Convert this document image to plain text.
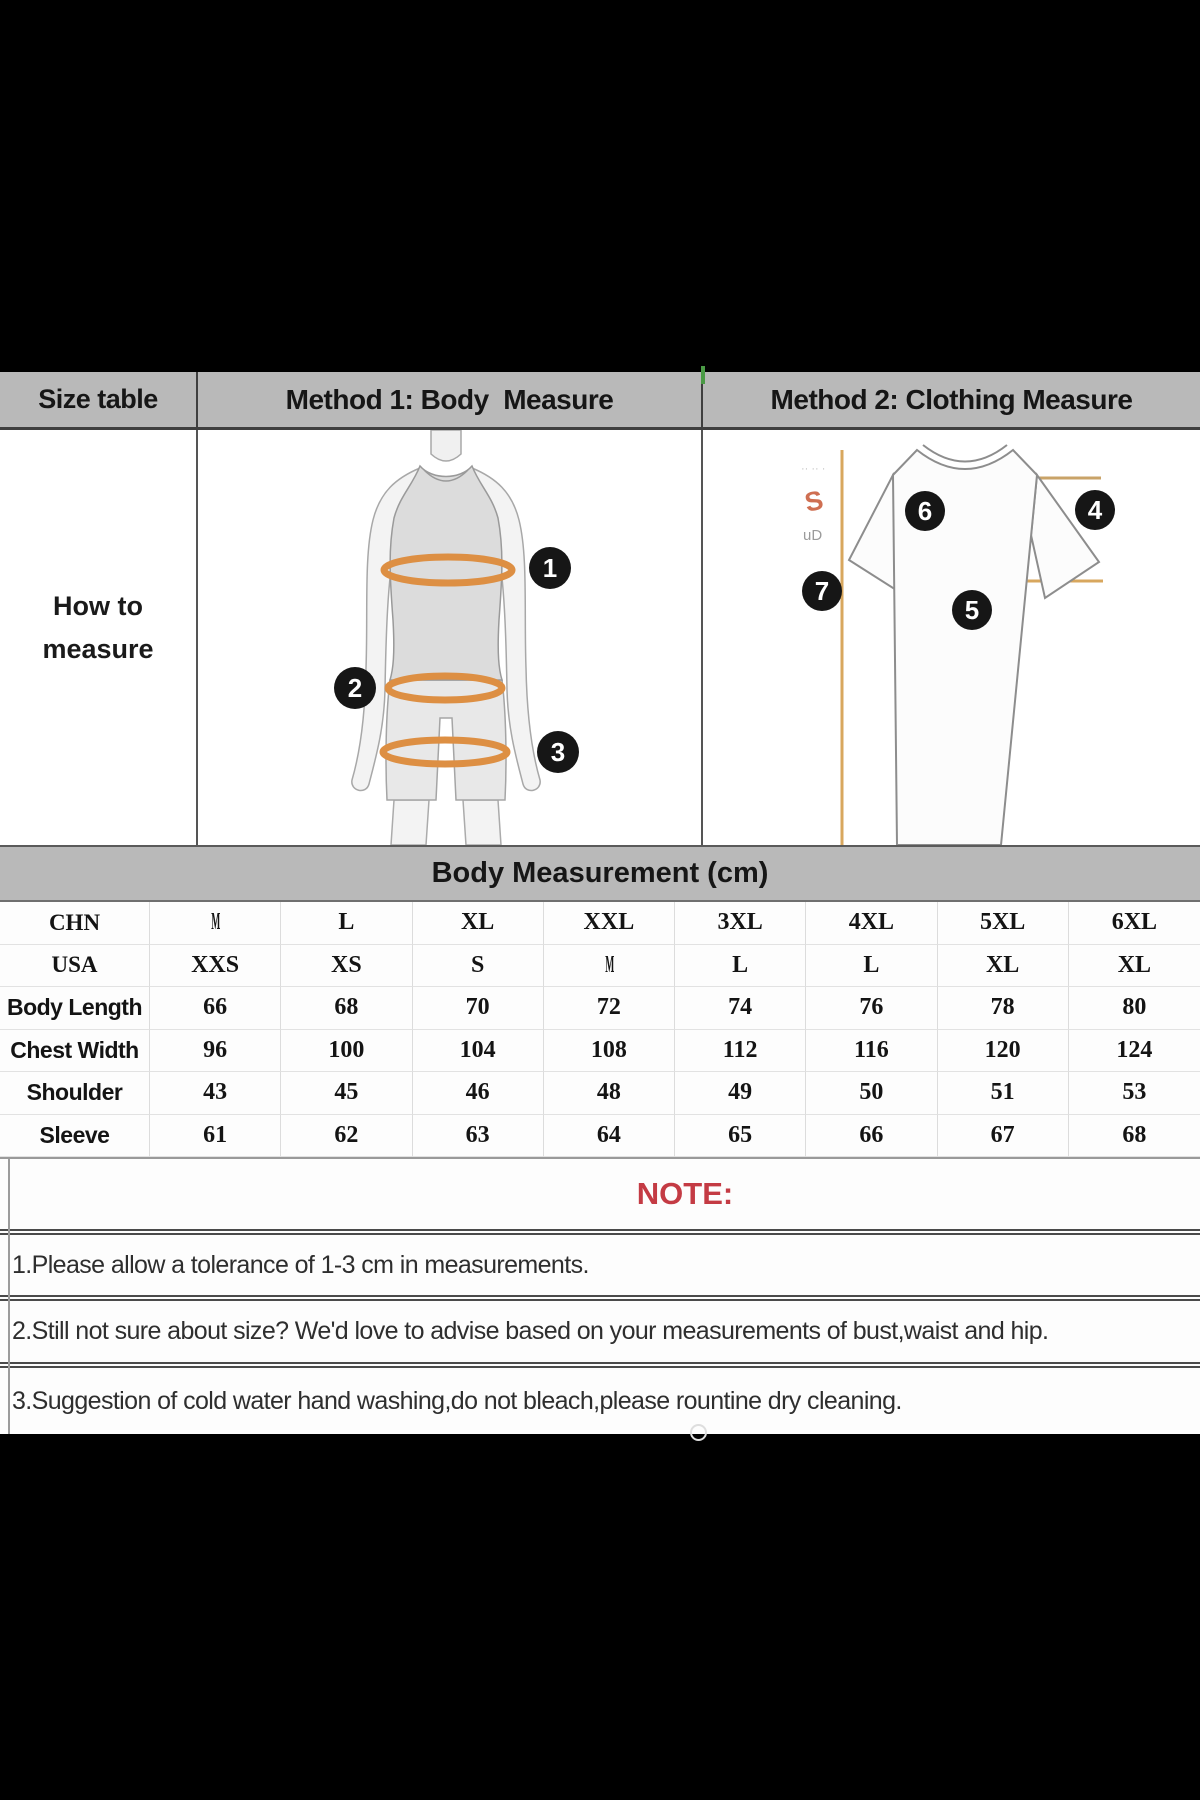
Size table	Method 1: Body  Measure	Method 2: Clothing Measure
How to
measure
1
2
3
·· ·· ·
S
uD
4
5
6
7
Body Measurement (cm)
CHN	M	L	XL	XXL	3XL	4XL	5XL	6XL
USA	XXS	XS	S	M	L	L	XL	XL
Body Length	66	68	70	72	74	76	78	80
Chest Width	96	100	104	108	112	116	120	124
Shoulder	43	45	46	48	49	50	51	53
Sleeve	61	62	63	64	65	66	67	68
NOTE:
1.Please allow a tolerance of 1-3 cm in measurements.
2.Still not sure about size? We'd love to advise based on your measurements of bust,waist and hip.
3.Suggestion of cold water hand washing,do not bleach,please rountine dry cleaning.
